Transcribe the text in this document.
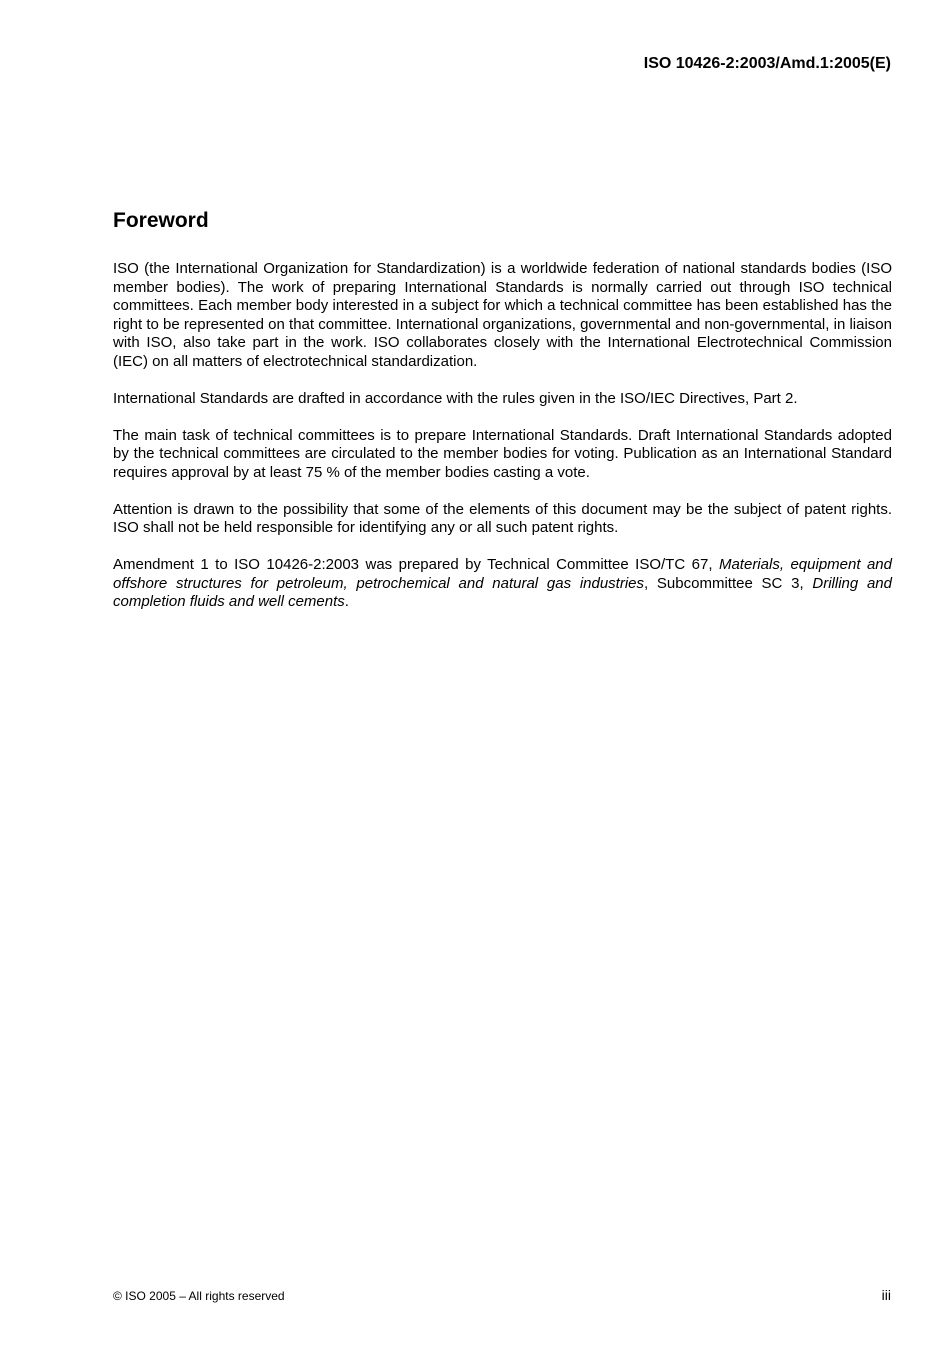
ISO 10426-2:2003/Amd.1:2005(E)
Foreword

ISO (the International Organization for Standardization) is a worldwide federation of national standards bodies (ISO member bodies). The work of preparing International Standards is normally carried out through ISO technical committees. Each member body interested in a subject for which a technical committee has been established has the right to be represented on that committee. International organizations, governmental and non-governmental, in liaison with ISO, also take part in the work. ISO collaborates closely with the International Electrotechnical Commission (IEC) on all matters of electrotechnical standardization.

International Standards are drafted in accordance with the rules given in the ISO/IEC Directives, Part 2.

The main task of technical committees is to prepare International Standards. Draft International Standards adopted by the technical committees are circulated to the member bodies for voting. Publication as an International Standard requires approval by at least 75 % of the member bodies casting a vote.

Attention is drawn to the possibility that some of the elements of this document may be the subject of patent rights. ISO shall not be held responsible for identifying any or all such patent rights.

Amendment 1 to ISO 10426-2:2003 was prepared by Technical Committee ISO/TC 67, Materials, equipment and offshore structures for petroleum, petrochemical and natural gas industries, Subcommittee SC 3, Drilling and completion fluids and well cements.

© ISO 2005 – All rights reserved	iii
